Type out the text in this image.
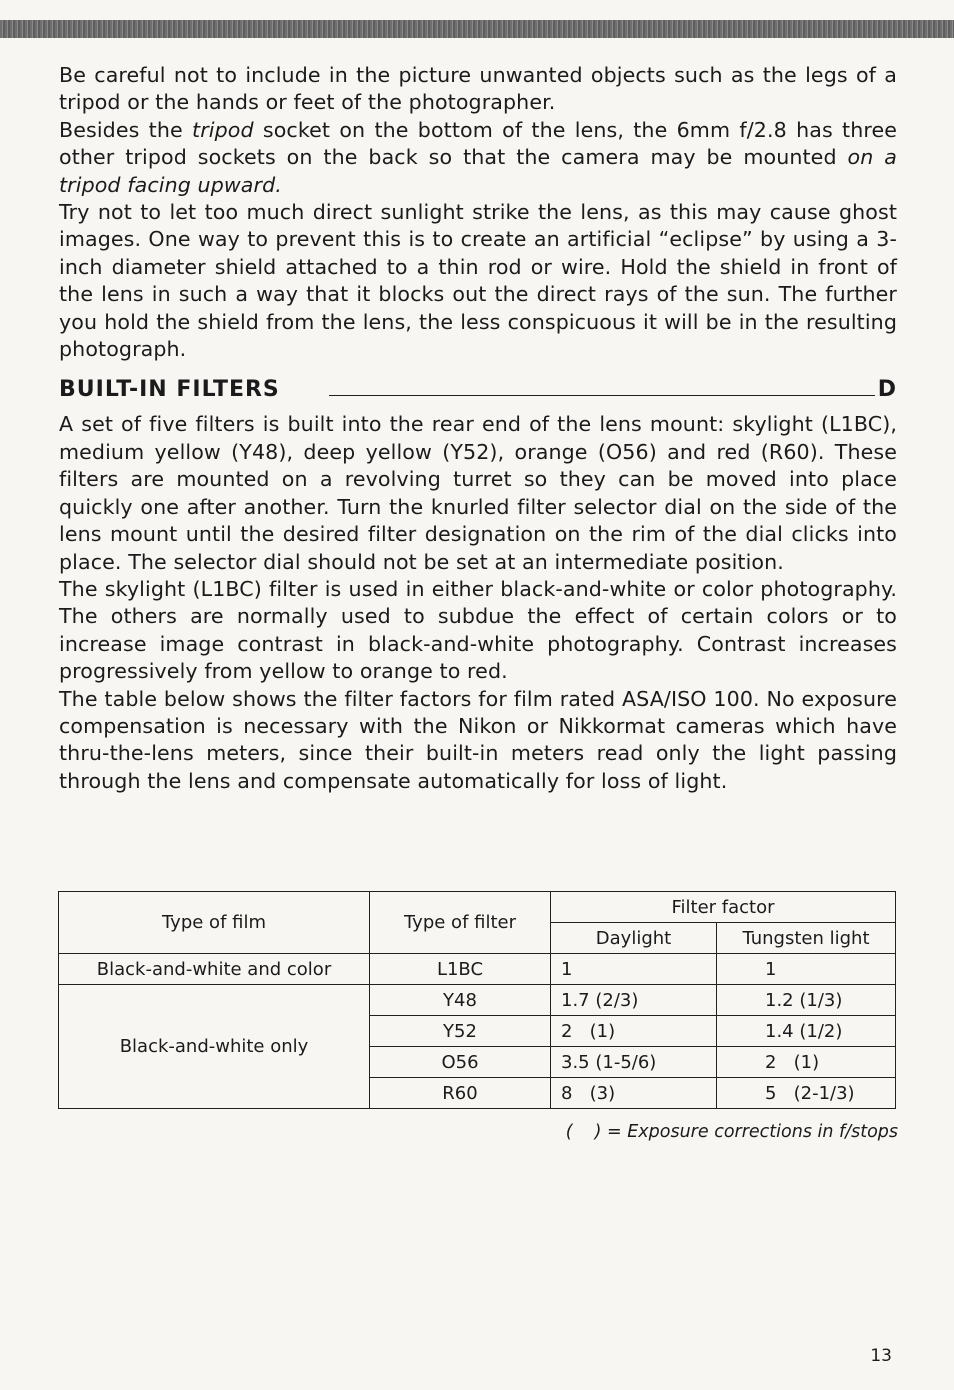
Be careful not to include in the picture unwanted objects such as the legs of a tripod or the hands or feet of the photographer.

Besides the tripod socket on the bottom of the lens, the 6mm f/2.8 has three other tripod sockets on the back so that the camera may be mounted on a tripod facing upward.

Try not to let too much direct sunlight strike the lens, as this may cause ghost images. One way to prevent this is to create an artificial “eclipse” by using a 3-inch diameter shield attached to a thin rod or wire. Hold the shield in front of the lens in such a way that it blocks out the direct rays of the sun. The further you hold the shield from the lens, the less conspicuous it will be in the resulting photograph.

BUILT-IN FILTERS	D

A set of five filters is built into the rear end of the lens mount: skylight (L1BC), medium yellow (Y48), deep yellow (Y52), orange (O56) and red (R60). These filters are mounted on a revolving turret so they can be moved into place quickly one after another. Turn the knurled filter selector dial on the side of the lens mount until the desired filter designation on the rim of the dial clicks into place. The selector dial should not be set at an intermediate position.

The skylight (L1BC) filter is used in either black-and-white or color photography. The others are normally used to subdue the effect of certain colors or to increase image contrast in black-and-white photography. Contrast increases progressively from yellow to orange to red.

The table below shows the filter factors for film rated ASA/ISO 100. No exposure compensation is necessary with the Nikon or Nikkormat cameras which have thru-the-lens meters, since their built-in meters read only the light passing through the lens and compensate automatically for loss of light.

Type of film	Type of filter	Filter factor	
		Daylight	Tungsten light
Black-and-white and color	L1BC	1	1
Black-and-white only	Y48	1.7 (2/3)	1.2 (1/3)
	Y52	2   (1)	1.4 (1/2)
	O56	3.5 (1-5/6)	2   (1)
	R60	8   (3)	5   (2-1/3)
( ) = Exposure corrections in f/stops
13
